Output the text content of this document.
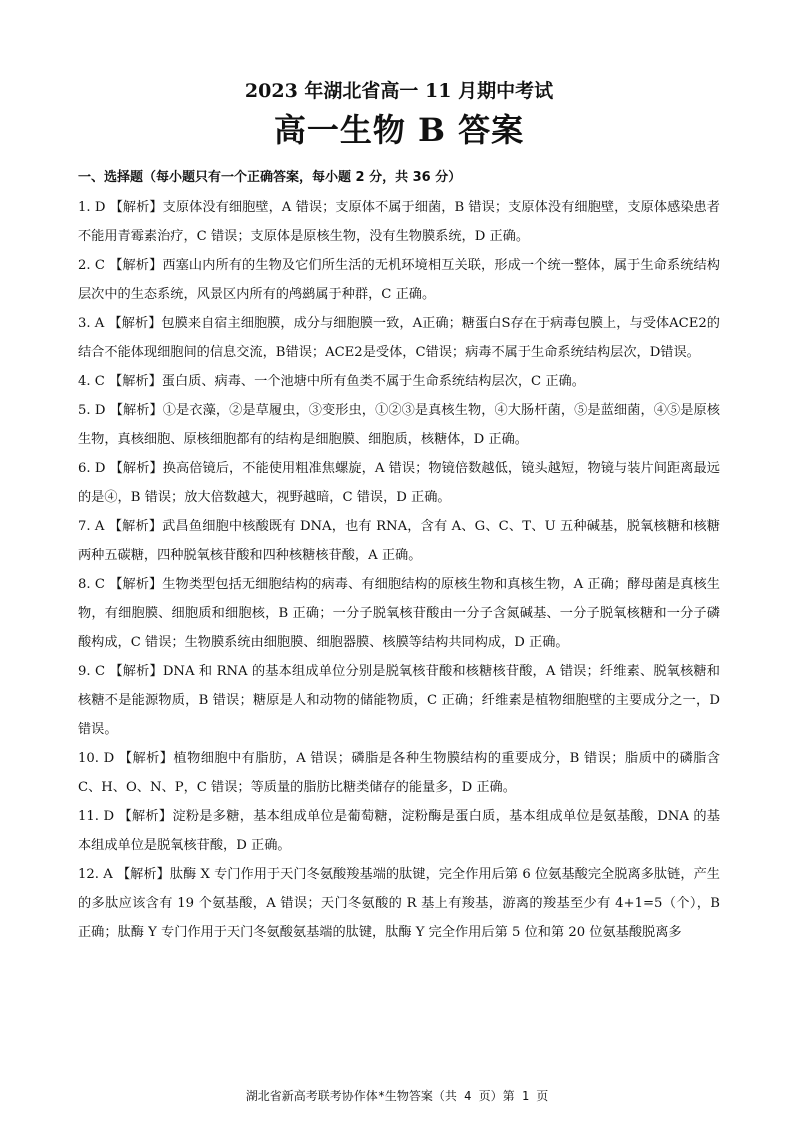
2023 年湖北省高一 11 月期中考试
高一生物 B 答案

一、选择题（每小题只有一个正确答案，每小题 2 分，共 36 分）

1. D 【解析】支原体没有细胞壁，A 错误；支原体不属于细菌，B 错误；支原体没有细胞壁，支原体感染患者不能用青霉素治疗，C 错误；支原体是原核生物，没有生物膜系统，D 正确。
2. C 【解析】西塞山内所有的生物及它们所生活的无机环境相互关联，形成一个统一整体，属于生命系统结构层次中的生态系统，风景区内所有的鸬鹚属于种群，C 正确。
3. A 【解析】包膜来自宿主细胞膜，成分与细胞膜一致，A正确；糖蛋白S存在于病毒包膜上，与受体ACE2的结合不能体现细胞间的信息交流，B错误；ACE2是受体，C错误；病毒不属于生命系统结构层次，D错误。
4. C 【解析】蛋白质、病毒、一个池塘中所有鱼类不属于生命系统结构层次，C 正确。
5. D 【解析】①是衣藻，②是草履虫，③变形虫，①②③是真核生物，④大肠杆菌，⑤是蓝细菌，④⑤是原核生物，真核细胞、原核细胞都有的结构是细胞膜、细胞质，核糖体，D 正确。
6. D 【解析】换高倍镜后，不能使用粗准焦螺旋，A 错误；物镜倍数越低，镜头越短，物镜与装片间距离最远的是④，B 错误；放大倍数越大，视野越暗，C 错误，D 正确。
7. A 【解析】武昌鱼细胞中核酸既有 DNA，也有 RNA，含有 A、G、C、T、U 五种碱基，脱氧核糖和核糖两种五碳糖，四种脱氧核苷酸和四种核糖核苷酸，A 正确。
8. C 【解析】生物类型包括无细胞结构的病毒、有细胞结构的原核生物和真核生物，A 正确；酵母菌是真核生物，有细胞膜、细胞质和细胞核，B 正确；一分子脱氧核苷酸由一分子含氮碱基、一分子脱氧核糖和一分子磷酸构成，C 错误；生物膜系统由细胞膜、细胞器膜、核膜等结构共同构成，D 正确。
9. C 【解析】DNA 和 RNA 的基本组成单位分别是脱氧核苷酸和核糖核苷酸，A 错误；纤维素、脱氧核糖和核糖不是能源物质，B 错误；糖原是人和动物的储能物质，C 正确；纤维素是植物细胞壁的主要成分之一，D 错误。
10. D 【解析】植物细胞中有脂肪，A 错误；磷脂是各种生物膜结构的重要成分，B 错误；脂质中的磷脂含 C、H、O、N、P，C 错误；等质量的脂肪比糖类储存的能量多，D 正确。
11. D 【解析】淀粉是多糖，基本组成单位是葡萄糖，淀粉酶是蛋白质，基本组成单位是氨基酸，DNA 的基本组成单位是脱氧核苷酸，D 正确。
12. A 【解析】肽酶 X 专门作用于天门冬氨酸羧基端的肽键，完全作用后第 6 位氨基酸完全脱离多肽链，产生的多肽应该含有 19 个氨基酸，A 错误；天门冬氨酸的 R 基上有羧基，游离的羧基至少有 4+1=5（个），B 正确；肽酶 Y 专门作用于天门冬氨酸氨基端的肽键，肽酶 Y 完全作用后第 5 位和第 20 位氨基酸脱离多
湖北省新高考联考协作体*生物答案（共 4 页）第 1 页
